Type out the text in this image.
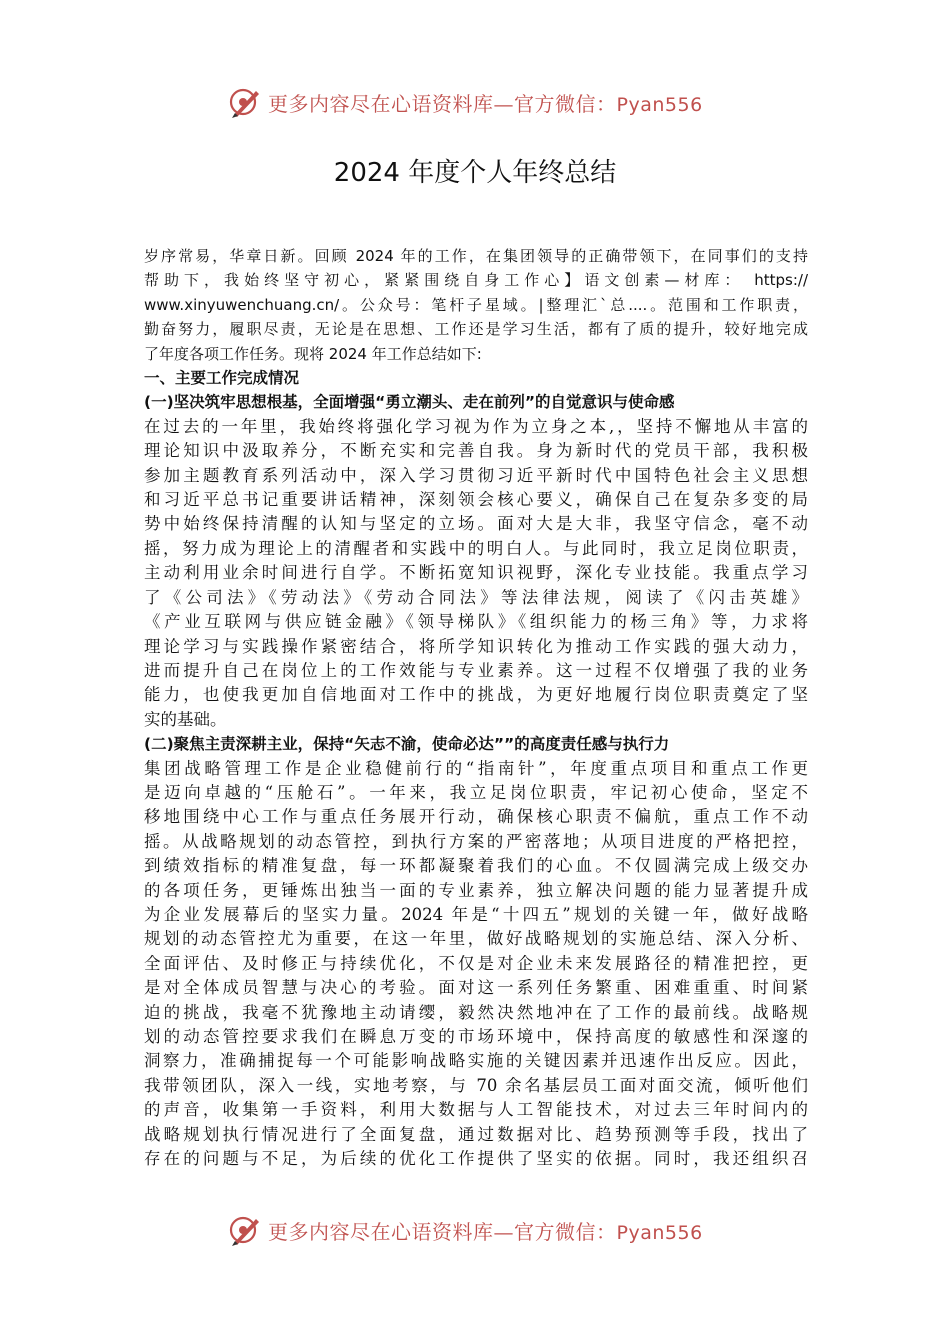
更多内容尽在心语资料库—官方微信：Pyan556
2024 年度个人年终总结
岁序常易，华章日新。回顾 2024 年的工作，在集团领导的正确带领下，在同事们的支持
帮助下，我始终坚守初心，紧紧围绕自身工作心】语文创素—材库： https://
www.xinyuwenchuang.cn/。公众号：笔杆子星域。|整理汇`总....。范围和工作职责，
勤奋努力，履职尽责，无论是在思想、工作还是学习生活，都有了质的提升，较好地完成
了年度各项工作任务。现将 2024 年工作总结如下:
一、主要工作完成情况
(一)坚决筑牢思想根基，全面增强“勇立潮头、走在前列”的自觉意识与使命感
在过去的一年里，我始终将强化学习视为作为立身之本,，坚持不懈地从丰富的
理论知识中汲取养分，不断充实和完善自我。身为新时代的党员干部，我积极
参加主题教育系列活动中，深入学习贯彻习近平新时代中国特色社会主义思想
和习近平总书记重要讲话精神，深刻领会核心要义，确保自己在复杂多变的局
势中始终保持清醒的认知与坚定的立场。面对大是大非，我坚守信念，毫不动
摇，努力成为理论上的清醒者和实践中的明白人。与此同时，我立足岗位职责，
主动利用业余时间进行自学。不断拓宽知识视野，深化专业技能。我重点学习
了《公司法》《劳动法》《劳动合同法》等法律法规，阅读了《闪击英雄》
《产业互联网与供应链金融》《领导梯队》《组织能力的杨三角》等，力求将
理论学习与实践操作紧密结合，将所学知识转化为推动工作实践的强大动力，
进而提升自己在岗位上的工作效能与专业素养。这一过程不仅增强了我的业务
能力，也使我更加自信地面对工作中的挑战，为更好地履行岗位职责奠定了坚
实的基础。
(二)聚焦主责深耕主业，保持“矢志不渝，使命必达””的高度责任感与执行力
集团战略管理工作是企业稳健前行的“指南针”，年度重点项目和重点工作更
是迈向卓越的“压舱石”。一年来，我立足岗位职责，牢记初心使命，坚定不
移地围绕中心工作与重点任务展开行动，确保核心职责不偏航，重点工作不动
摇。从战略规划的动态管控，到执行方案的严密落地；从项目进度的严格把控，
到绩效指标的精准复盘，每一环都凝聚着我们的心血。不仅圆满完成上级交办
的各项任务，更锤炼出独当一面的专业素养，独立解决问题的能力显著提升成
为企业发展幕后的坚实力量。2024 年是“十四五”规划的关键一年，做好战略
规划的动态管控尤为重要，在这一年里，做好战略规划的实施总结、深入分析、
全面评估、及时修正与持续优化，不仅是对企业未来发展路径的精准把控，更
是对全体成员智慧与决心的考验。面对这一系列任务繁重、困难重重、时间紧
迫的挑战，我毫不犹豫地主动请缨，毅然决然地冲在了工作的最前线。战略规
划的动态管控要求我们在瞬息万变的市场环境中，保持高度的敏感性和深邃的
洞察力，准确捕捉每一个可能影响战略实施的关键因素并迅速作出反应。因此，
我带领团队，深入一线，实地考察，与 70 余名基层员工面对面交流，倾听他们
的声音，收集第一手资料，利用大数据与人工智能技术，对过去三年时间内的
战略规划执行情况进行了全面复盘，通过数据对比、趋势预测等手段，找出了
存在的问题与不足，为后续的优化工作提供了坚实的依据。同时，我还组织召
更多内容尽在心语资料库—官方微信：Pyan556
